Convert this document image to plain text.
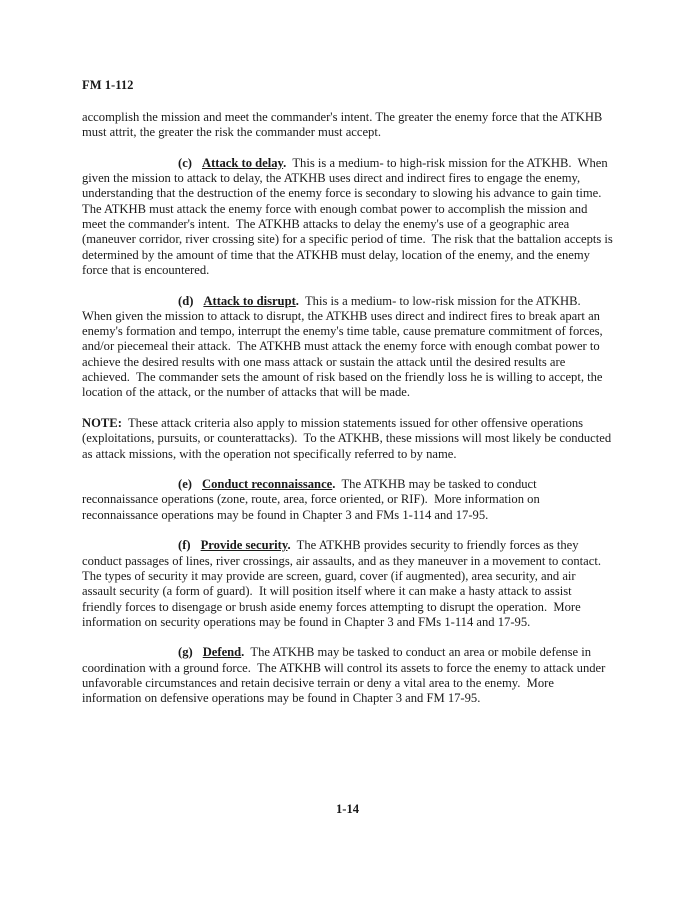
FM 1-112

accomplish the mission and meet the commander's intent. The greater the enemy force that the ATKHB must attrit, the greater the risk the commander must accept.

(c) Attack to delay.  This is a medium- to high-risk mission for the ATKHB.  When given the mission to attack to delay, the ATKHB uses direct and indirect fires to engage the enemy, understanding that the destruction of the enemy force is secondary to slowing his advance to gain time.  The ATKHB must attack the enemy force with enough combat power to accomplish the mission and meet the commander's intent.  The ATKHB attacks to delay the enemy's use of a geographic area (maneuver corridor, river crossing site) for a specific period of time.  The risk that the battalion accepts is determined by the amount of time that the ATKHB must delay, location of the enemy, and the enemy force that is encountered.

(d) Attack to disrupt.  This is a medium- to low-risk mission for the ATKHB.  When given the mission to attack to disrupt, the ATKHB uses direct and indirect fires to break apart an enemy's formation and tempo, interrupt the enemy's time table, cause premature commitment of forces, and/or piecemeal their attack.  The ATKHB must attack the enemy force with enough combat power to achieve the desired results with one mass attack or sustain the attack until the desired results are achieved.  The commander sets the amount of risk based on the friendly loss he is willing to accept, the location of the attack, or the number of attacks that will be made.

NOTE:  These attack criteria also apply to mission statements issued for other offensive operations (exploitations, pursuits, or counterattacks).  To the ATKHB, these missions will most likely be conducted as attack missions, with the operation not specifically referred to by name.

(e) Conduct reconnaissance.  The ATKHB may be tasked to conduct reconnaissance operations (zone, route, area, force oriented, or RIF).  More information on reconnaissance operations may be found in Chapter 3 and FMs 1-114 and 17-95.

(f) Provide security.  The ATKHB provides security to friendly forces as they conduct passages of lines, river crossings, air assaults, and as they maneuver in a movement to contact.  The types of security it may provide are screen, guard, cover (if augmented), area security, and air assault security (a form of guard).  It will position itself where it can make a hasty attack to assist friendly forces to disengage or brush aside enemy forces attempting to disrupt the operation.  More information on security operations may be found in Chapter 3 and FMs 1-114 and 17-95.

(g) Defend.  The ATKHB may be tasked to conduct an area or mobile defense in coordination with a ground force.  The ATKHB will control its assets to force the enemy to attack under unfavorable circumstances and retain decisive terrain or deny a vital area to the enemy.  More information on defensive operations may be found in Chapter 3 and FM 17-95.

1-14
